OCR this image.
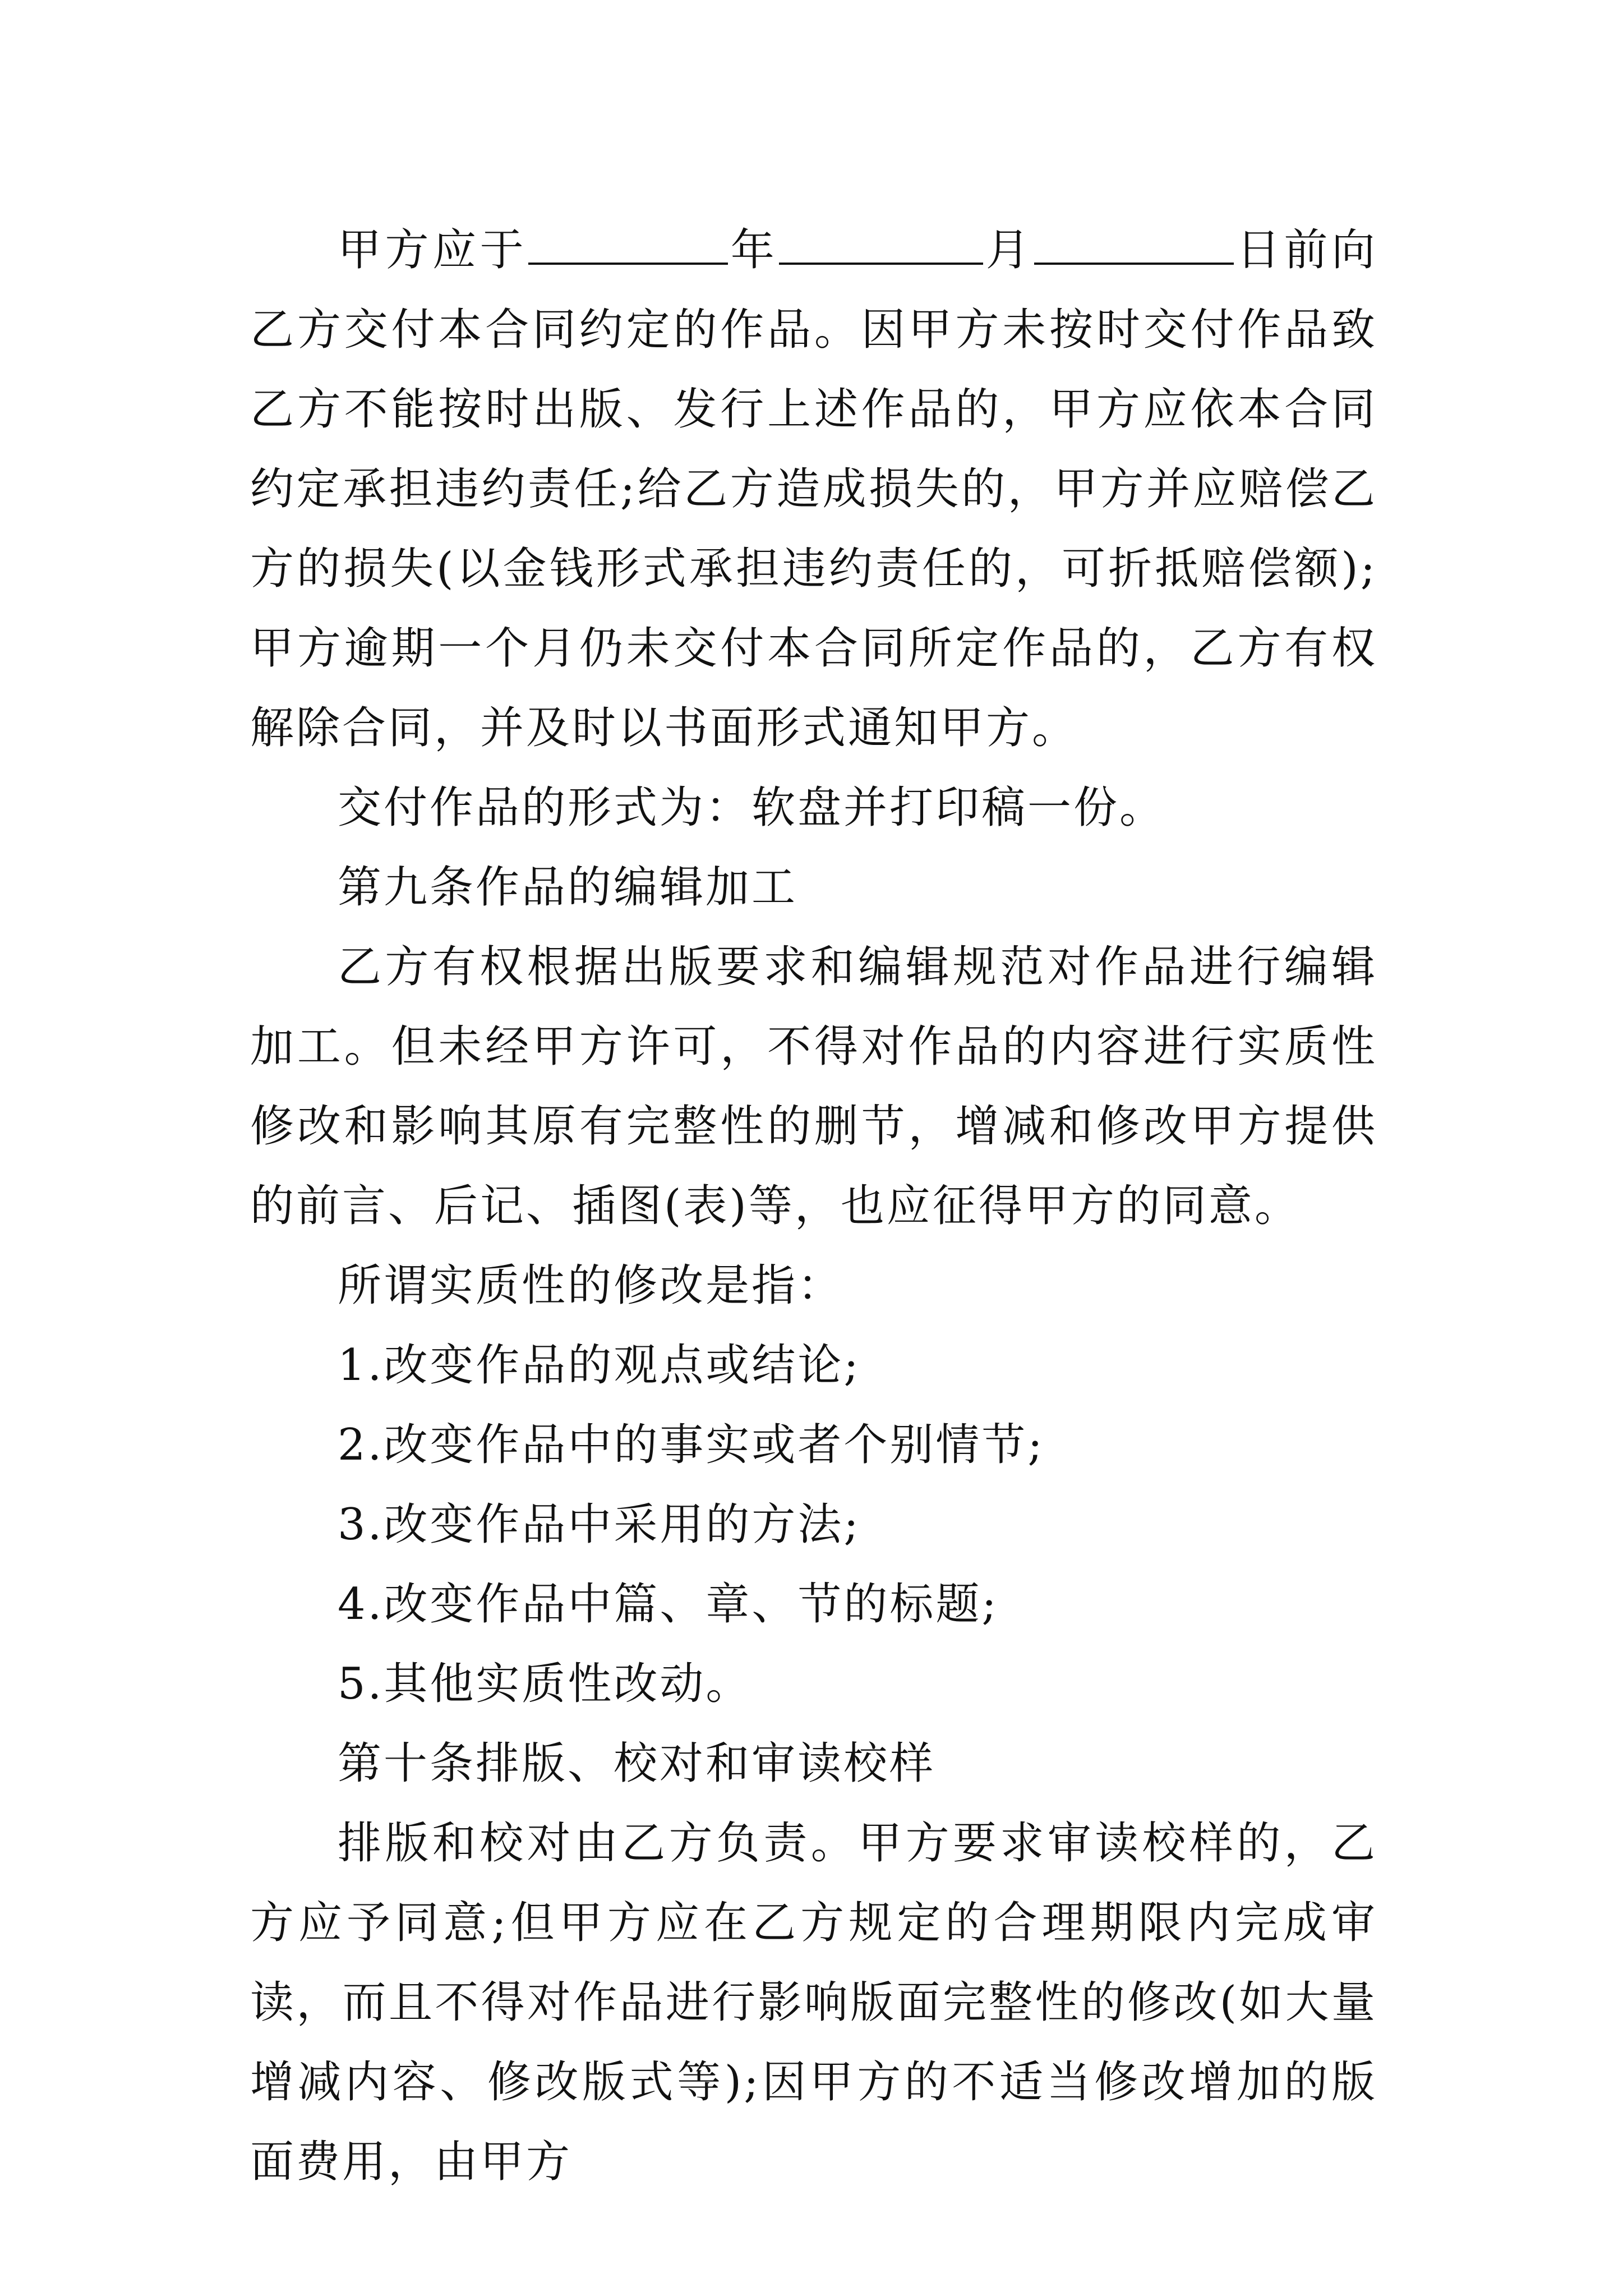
甲方应于	年	月	日前向乙方交付本合同约定的作品。因甲方未按时交付作品致乙方不能按时出版、发行上述作品的，甲方应依本合同约定承担违约责任;给乙方造成损失的，甲方并应赔偿乙方的损失(以金钱形式承担违约责任的，可折抵赔偿额);甲方逾期一个月仍未交付本合同所定作品的，乙方有权解除合同，并及时以书面形式通知甲方。

交付作品的形式为：软盘并打印稿一份。

第九条作品的编辑加工

乙方有权根据出版要求和编辑规范对作品进行编辑加工。但未经甲方许可，不得对作品的内容进行实质性修改和影响其原有完整性的删节，增减和修改甲方提供的前言、后记、插图(表)等，也应征得甲方的同意。

所谓实质性的修改是指：

1.改变作品的观点或结论;

2.改变作品中的事实或者个别情节;

3.改变作品中采用的方法;

4.改变作品中篇、章、节的标题;

5.其他实质性改动。

第十条排版、校对和审读校样

排版和校对由乙方负责。甲方要求审读校样的，乙方应予同意;但甲方应在乙方规定的合理期限内完成审读，而且不得对作品进行影响版面完整性的修改(如大量增减内容、修改版式等);因甲方的不适当修改增加的版面费用，由甲方
